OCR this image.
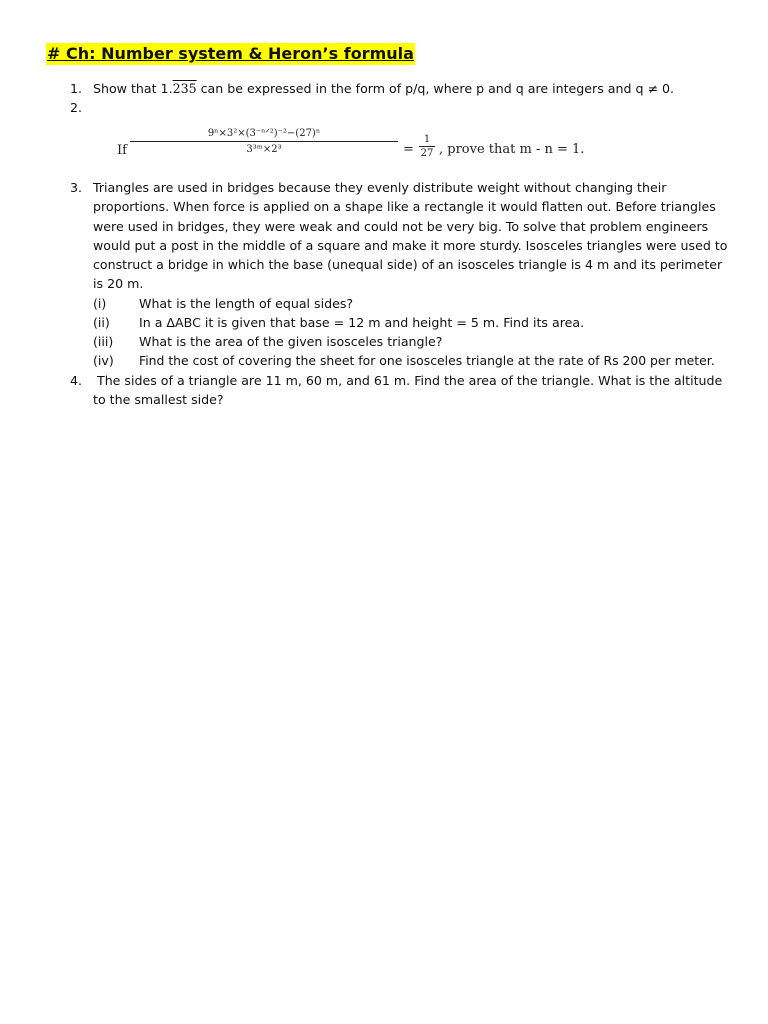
# Ch: Number system & Heron’s formula
1. Show that 1.235 can be expressed in the form of p/q, where p and q are integers and q ≠ 0.
2.
If
9ⁿ×3²×(3⁻ⁿᐟ²)⁻²−(27)ⁿ
3³ᵐ×2³	=
1
27 , prove that m - n = 1.
3. Triangles are used in bridges because they evenly distribute weight without changing their
proportions. When force is applied on a shape like a rectangle it would flatten out. Before triangles
were used in bridges, they were weak and could not be very big. To solve that problem engineers
would put a post in the middle of a square and make it more sturdy. Isosceles triangles were used to
construct a bridge in which the base (unequal side) of an isosceles triangle is 4 m and its perimeter
is 20 m.
(i)	What is the length of equal sides?
(ii) In a ΔABC it is given that base = 12 m and height = 5 m. Find its area.
(iii) What is the area of the given isosceles triangle?
(iv) Find the cost of covering the sheet for one isosceles triangle at the rate of Rs 200 per meter.
4. The sides of a triangle are 11 m, 60 m, and 61 m. Find the area of the triangle. What is the altitude
to the smallest side?
